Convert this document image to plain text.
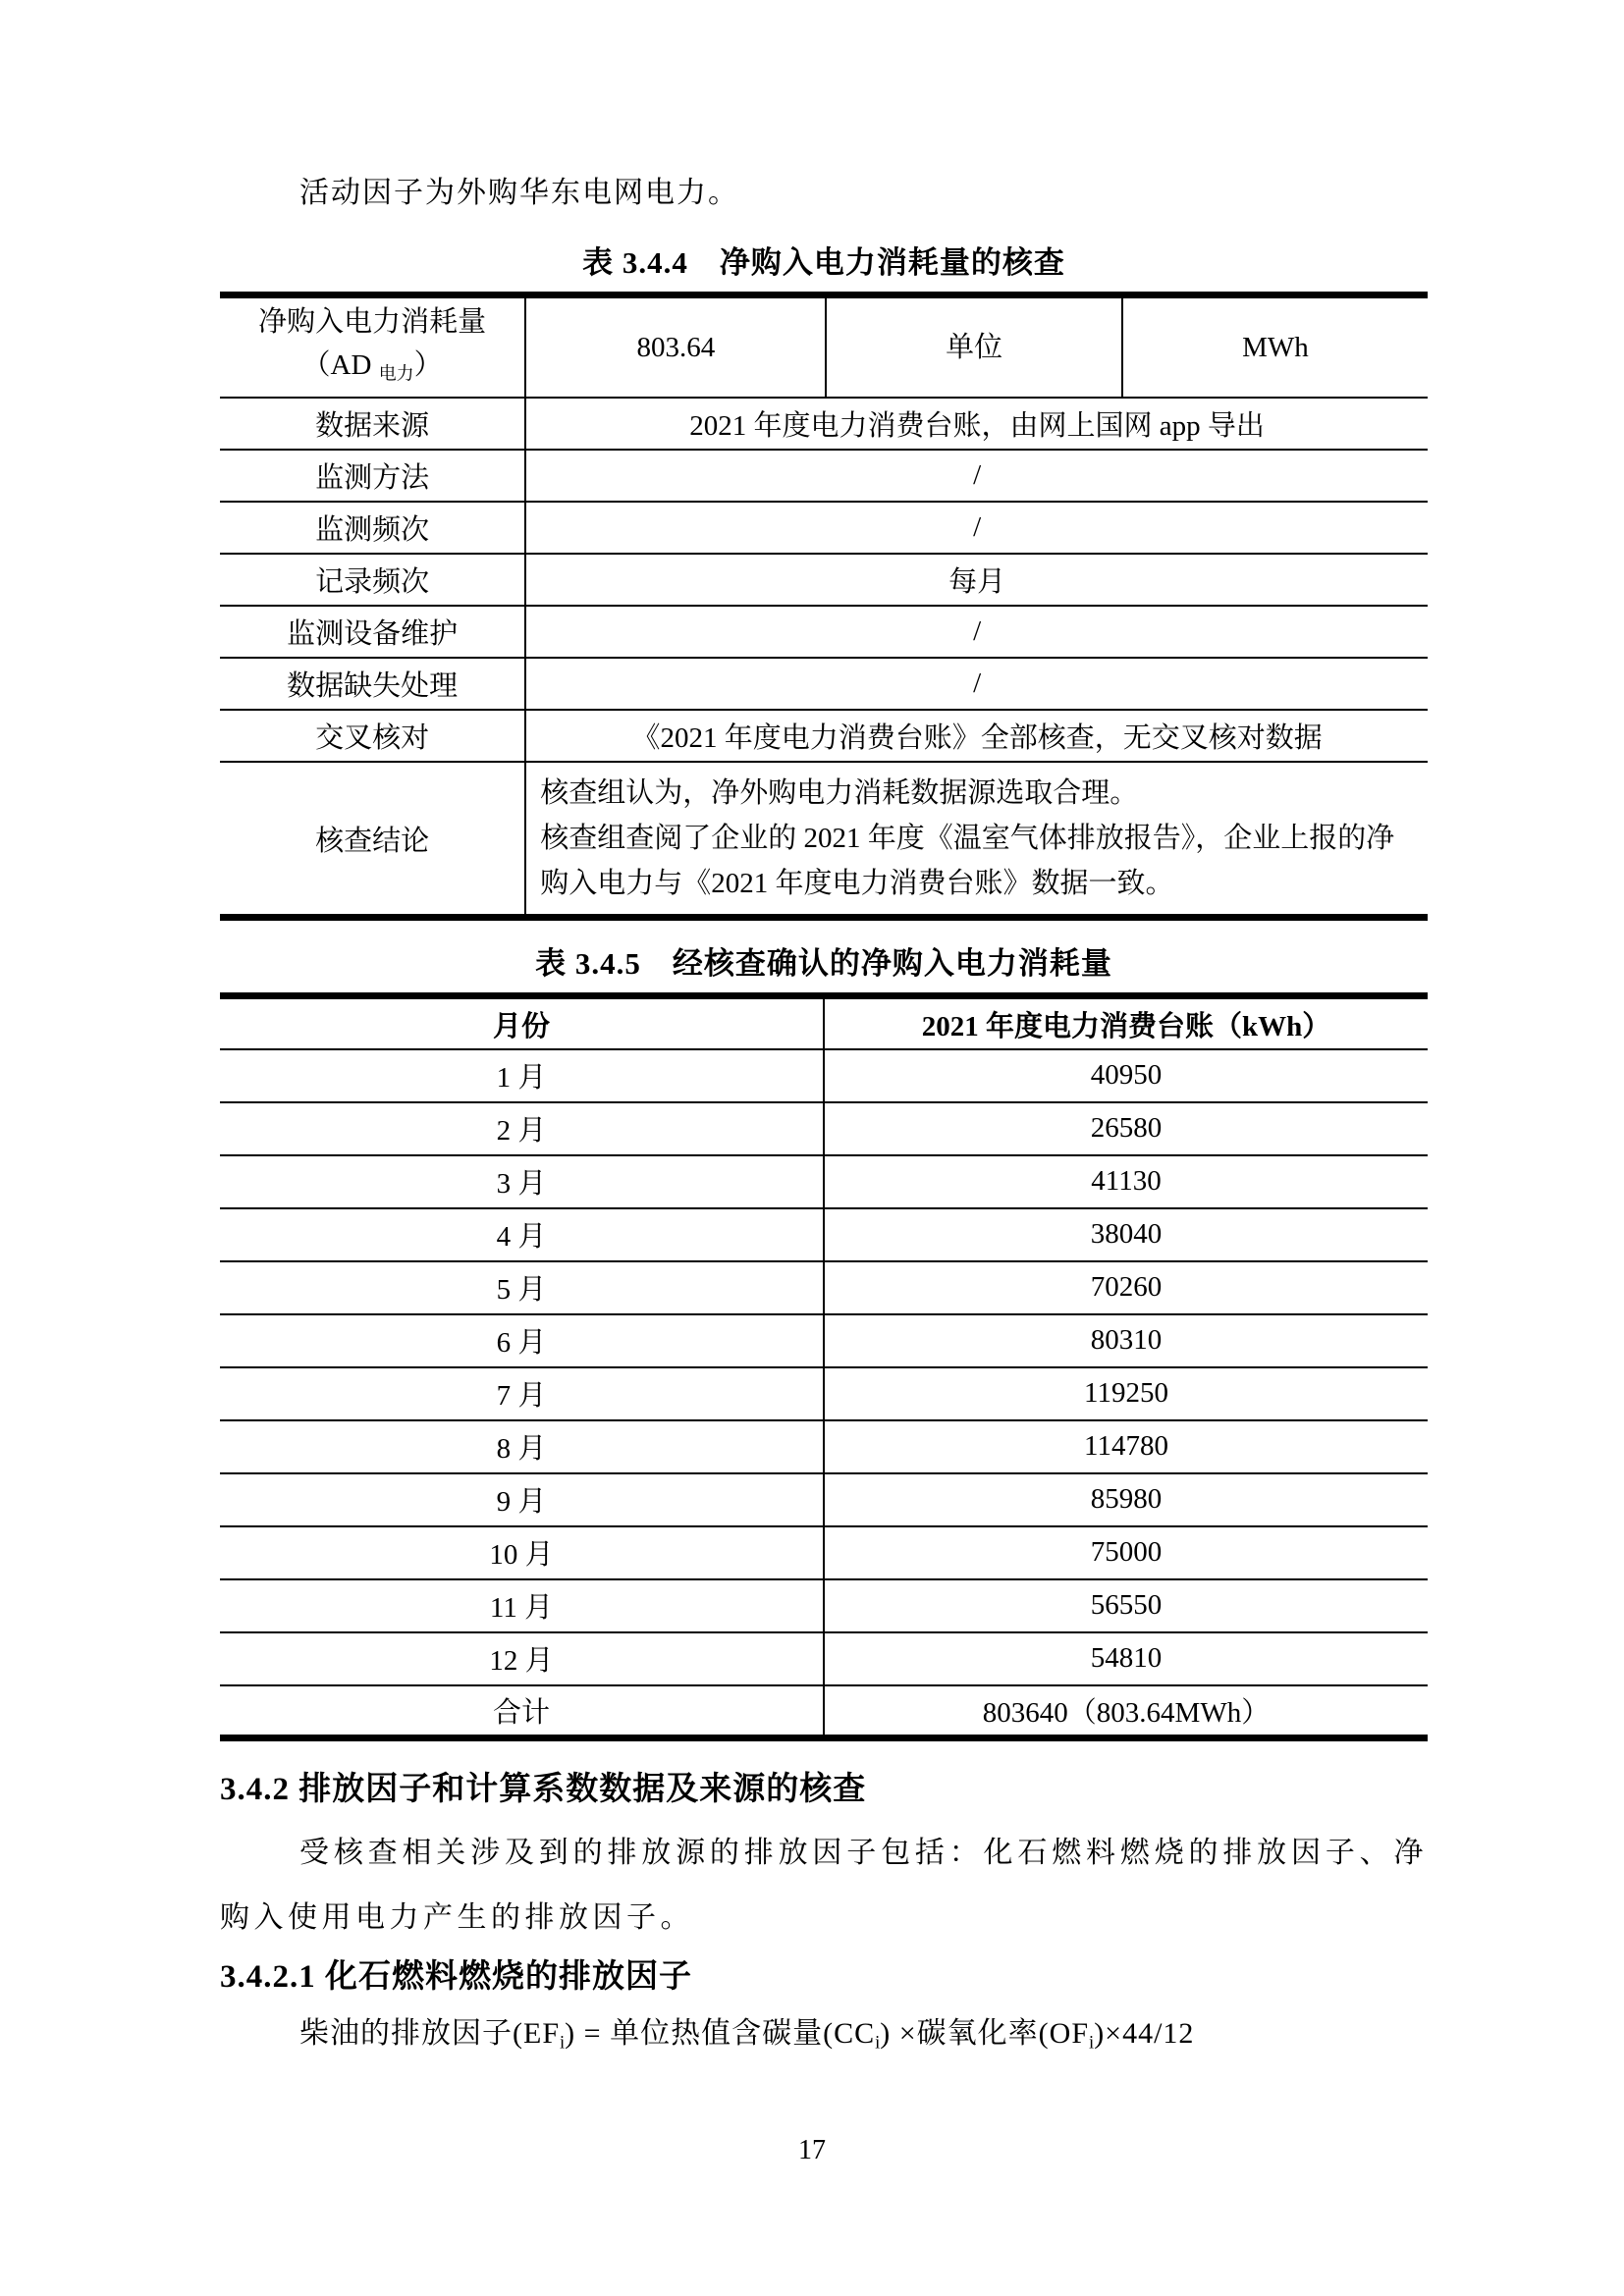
活动因子为外购华东电网电力。

表 3.4.4　净购入电力消耗量的核查
净购入电力消耗量
（AD $_{电力}$）	803.64	单位	MWh
数据来源	2021 年度电力消费台账，由网上国网 app 导出		
监测方法	/		
监测频次	/		
记录频次	每月		
监测设备维护	/		
数据缺失处理	/		
交叉核对	《2021 年度电力消费台账》全部核查，无交叉核对数据		
核查结论	核查组认为，净外购电力消耗数据源选取合理。

核查组查阅了企业的 2021 年度《温室气体排放报告》，企业上报的净购入电力与《2021 年度电力消费台账》数据一致。		

表 3.4.5　经核查确认的净购入电力消耗量
月份	2021 年度电力消费台账（kWh）
1 月	40950
2 月	26580
3 月	41130
4 月	38040
5 月	70260
6 月	80310
7 月	119250
8 月	114780
9 月	85980
10 月	75000
11 月	56550
12 月	54810
合计	803640（803.64MWh）
3.4.2 排放因子和计算系数数据及来源的核查

受核查相关涉及到的排放源的排放因子包括：化石燃料燃烧的排放因子、净购入使用电力产生的排放因子。

3.4.2.1 化石燃料燃烧的排放因子

柴油的排放因子$(EF_i)$ = 单位热值含碳量$(CC_i)$ ×碳氧化率$(OF_i)\times 44/12$

17
